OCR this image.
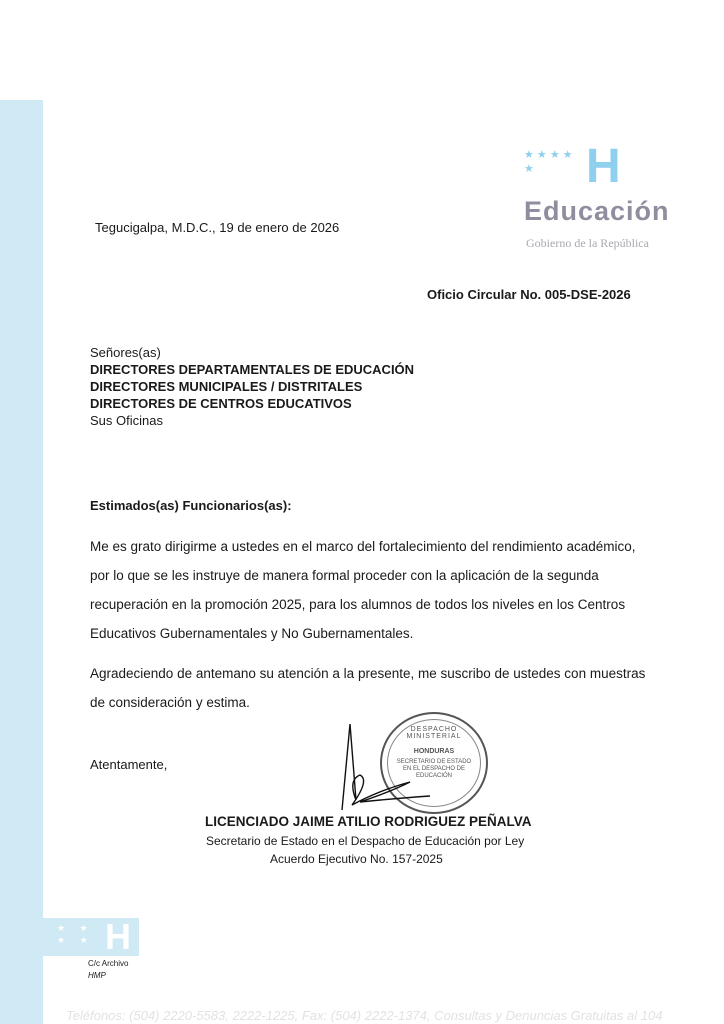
★ ★ ★ ★ ★	H
Educación
Gobierno de la República
Tegucigalpa, M.D.C., 19 de enero de 2026
Oficio Circular No. 005-DSE-2026
Señores(as)
DIRECTORES DEPARTAMENTALES DE EDUCACIÓN
DIRECTORES MUNICIPALES / DISTRITALES
DIRECTORES DE CENTROS EDUCATIVOS
Sus Oficinas
Estimados(as) Funcionarios(as):
Me es grato dirigirme a ustedes en el marco del fortalecimiento del rendimiento académico,
por lo que se les instruye de manera formal proceder con la aplicación de la segunda
recuperación en la promoción 2025, para los alumnos de todos los niveles en los Centros
Educativos Gubernamentales y No Gubernamentales.
Agradeciendo de antemano su atención a la presente, me suscribo de ustedes con muestras
de consideración y estima.
Atentamente,
DESPACHO MINISTERIAL
HONDURAS
SECRETARIO DE ESTADO EN EL DESPACHO DE EDUCACIÓN
LICENCIADO JAIME ATILIO RODRIGUEZ PEÑALVA
Secretario de Estado en el Despacho de Educación por Ley
Acuerdo Ejecutivo No. 157-2025
★ ★
★ ★ H
C/c Archivo
HMP
Teléfonos: (504) 2220-5583, 2222-1225, Fax: (504) 2222-1374, Consultas y Denuncias Gratuitas al 104
